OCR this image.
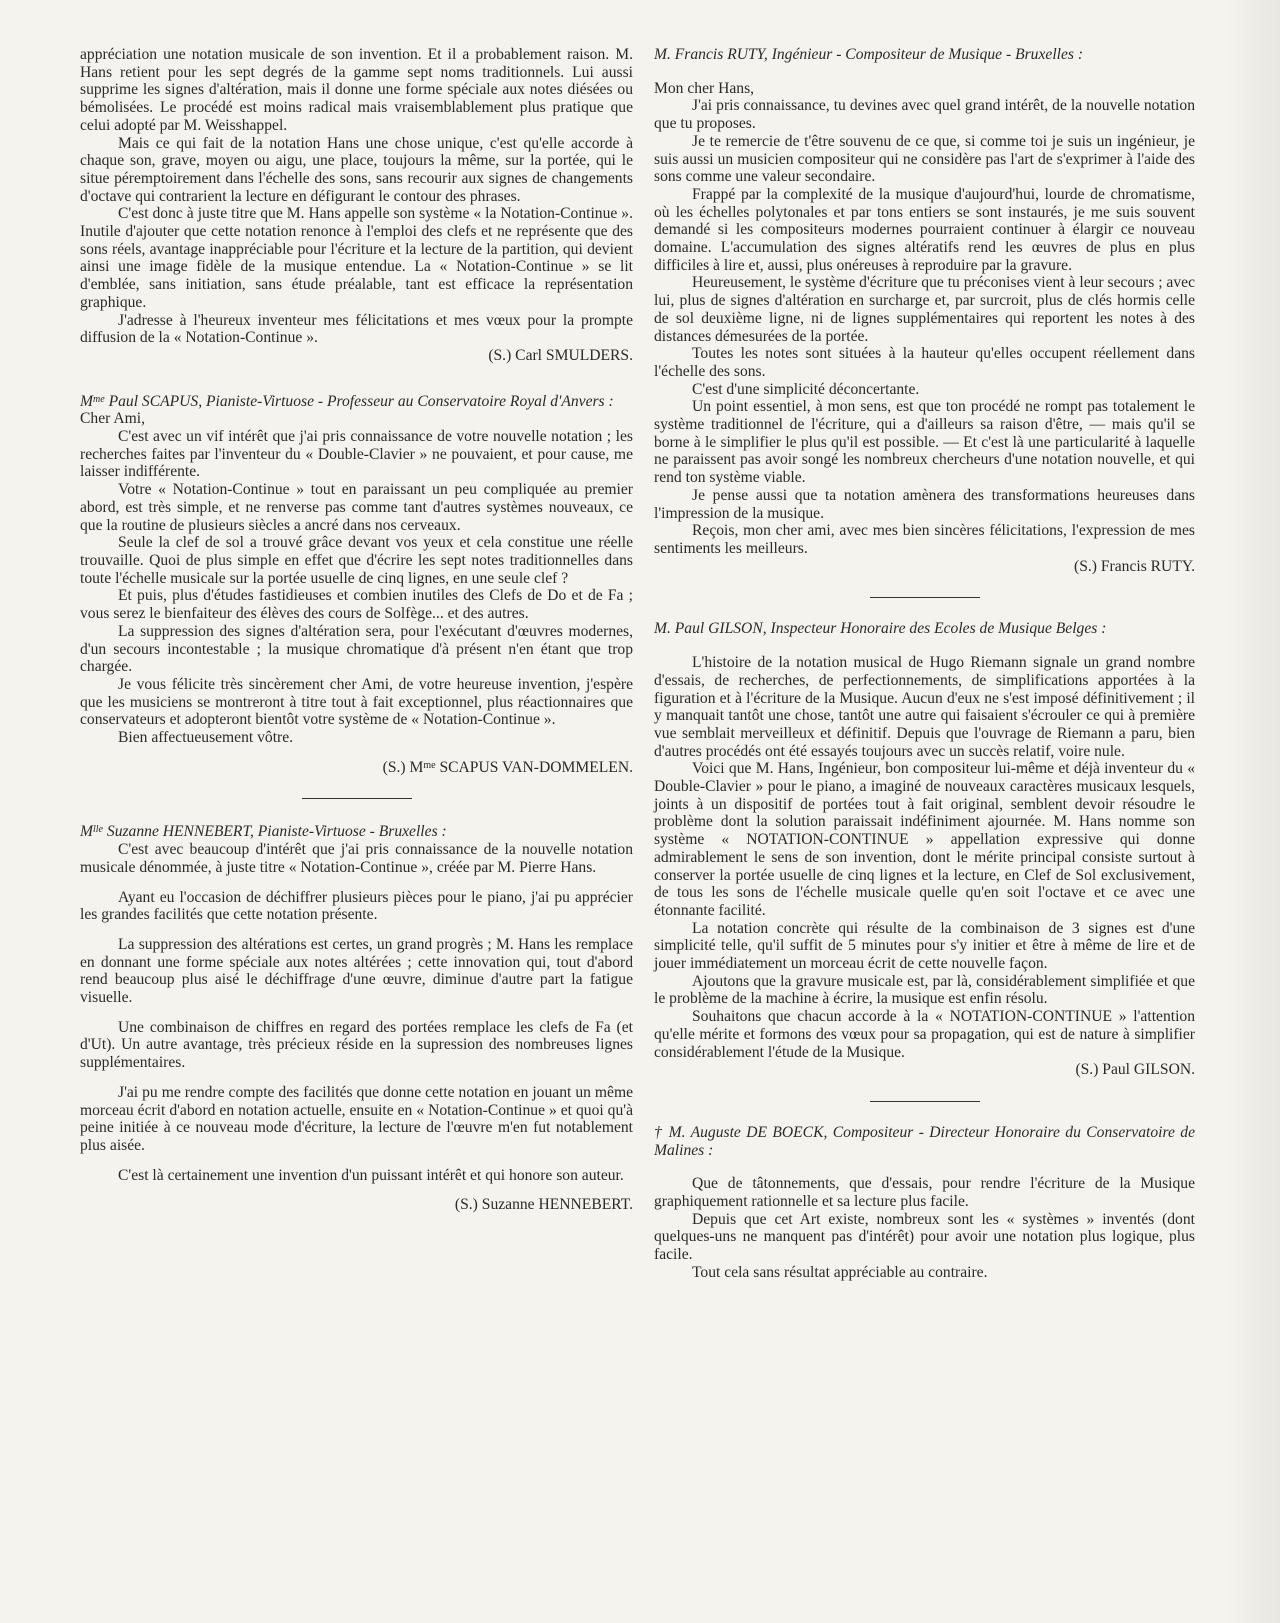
appréciation une notation musicale de son invention. Et il a probablement raison. M. Hans retient pour les sept degrés de la gamme sept noms traditionnels. Lui aussi supprime les signes d'altération, mais il donne une forme spéciale aux notes diésées ou bémolisées. Le procédé est moins radical mais vraisemblablement plus pratique que celui adopté par M. Weisshappel.

Mais ce qui fait de la notation Hans une chose unique, c'est qu'elle accorde à chaque son, grave, moyen ou aigu, une place, toujours la même, sur la portée, qui le situe péremptoirement dans l'échelle des sons, sans recourir aux signes de changements d'octave qui contrarient la lecture en défigurant le contour des phrases.

C'est donc à juste titre que M. Hans appelle son système « la Notation-Continue ». Inutile d'ajouter que cette notation renonce à l'emploi des clefs et ne représente que des sons réels, avantage inappréciable pour l'écriture et la lecture de la partition, qui devient ainsi une image fidèle de la musique entendue. La « Notation-Continue » se lit d'emblée, sans initiation, sans étude préalable, tant est efficace la représentation graphique.

J'adresse à l'heureux inventeur mes félicitations et mes vœux pour la prompte diffusion de la « Notation-Continue ».

(S.) Carl SMULDERS.

$M^{me}$ Paul SCAPUS, Pianiste-Virtuose - Professeur au Conservatoire Royal d'Anvers :

Cher Ami,

C'est avec un vif intérêt que j'ai pris connaissance de votre nouvelle notation ; les recherches faites par l'inventeur du « Double-Clavier » ne pouvaient, et pour cause, me laisser indifférente.

Votre « Notation-Continue » tout en paraissant un peu compliquée au premier abord, est très simple, et ne renverse pas comme tant d'autres systèmes nouveaux, ce que la routine de plusieurs siècles a ancré dans nos cerveaux.

Seule la clef de sol a trouvé grâce devant vos yeux et cela constitue une réelle trouvaille. Quoi de plus simple en effet que d'écrire les sept notes traditionnelles dans toute l'échelle musicale sur la portée usuelle de cinq lignes, en une seule clef ?

Et puis, plus d'études fastidieuses et combien inutiles des Clefs de Do et de Fa ; vous serez le bienfaiteur des élèves des cours de Solfège... et des autres.

La suppression des signes d'altération sera, pour l'exécutant d'œuvres modernes, d'un secours incontestable ; la musique chromatique d'à présent n'en étant que trop chargée.

Je vous félicite très sincèrement cher Ami, de votre heureuse invention, j'espère que les musiciens se montreront à titre tout à fait exceptionnel, plus réactionnaires que conservateurs et adopteront bientôt votre système de « Notation-Continue ».

Bien affectueusement vôtre.

(S.) $M^{me}$ SCAPUS VAN-DOMMELEN.

$M^{lle}$ Suzanne HENNEBERT, Pianiste-Virtuose - Bruxelles :

C'est avec beaucoup d'intérêt que j'ai pris connaissance de la nouvelle notation musicale dénommée, à juste titre « Notation-Continue », créée par M. Pierre Hans.

Ayant eu l'occasion de déchiffrer plusieurs pièces pour le piano, j'ai pu apprécier les grandes facilités que cette notation présente.

La suppression des altérations est certes, un grand progrès ; M. Hans les remplace en donnant une forme spéciale aux notes altérées ; cette innovation qui, tout d'abord rend beaucoup plus aisé le déchiffrage d'une œuvre, diminue d'autre part la fatigue visuelle.

Une combinaison de chiffres en regard des portées remplace les clefs de Fa (et d'Ut). Un autre avantage, très précieux réside en la supression des nombreuses lignes supplémentaires.

J'ai pu me rendre compte des facilités que donne cette notation en jouant un même morceau écrit d'abord en notation actuelle, ensuite en « Notation-Continue » et quoi qu'à peine initiée à ce nouveau mode d'écriture, la lecture de l'œuvre m'en fut notablement plus aisée.

C'est là certainement une invention d'un puissant intérêt et qui honore son auteur.

(S.) Suzanne HENNEBERT.

M. Francis RUTY, Ingénieur - Compositeur de Musique - Bruxelles :

Mon cher Hans,

J'ai pris connaissance, tu devines avec quel grand intérêt, de la nouvelle notation que tu proposes.

Je te remercie de t'être souvenu de ce que, si comme toi je suis un ingénieur, je suis aussi un musicien compositeur qui ne considère pas l'art de s'exprimer à l'aide des sons comme une valeur secondaire.

Frappé par la complexité de la musique d'aujourd'hui, lourde de chromatisme, où les échelles polytonales et par tons entiers se sont instaurés, je me suis souvent demandé si les compositeurs modernes pourraient continuer à élargir ce nouveau domaine. L'accumulation des signes altératifs rend les œuvres de plus en plus difficiles à lire et, aussi, plus onéreuses à reproduire par la gravure.

Heureusement, le système d'écriture que tu préconises vient à leur secours ; avec lui, plus de signes d'altération en surcharge et, par surcroit, plus de clés hormis celle de sol deuxième ligne, ni de lignes supplémentaires qui reportent les notes à des distances démesurées de la portée.

Toutes les notes sont situées à la hauteur qu'elles occupent réellement dans l'échelle des sons.

C'est d'une simplicité déconcertante.

Un point essentiel, à mon sens, est que ton procédé ne rompt pas totalement le système traditionnel de l'écriture, qui a d'ailleurs sa raison d'être, — mais qu'il se borne à le simplifier le plus qu'il est possible. — Et c'est là une particularité à laquelle ne paraissent pas avoir songé les nombreux chercheurs d'une notation nouvelle, et qui rend ton système viable.

Je pense aussi que ta notation amènera des transformations heureuses dans l'impression de la musique.

Reçois, mon cher ami, avec mes bien sincères félicitations, l'expression de mes sentiments les meilleurs.

(S.) Francis RUTY.

M. Paul GILSON, Inspecteur Honoraire des Ecoles de Musique Belges :

L'histoire de la notation musical de Hugo Riemann signale un grand nombre d'essais, de recherches, de perfectionnements, de simplifications apportées à la figuration et à l'écriture de la Musique. Aucun d'eux ne s'est imposé définitivement ; il y manquait tantôt une chose, tantôt une autre qui faisaient s'écrouler ce qui à première vue semblait merveilleux et définitif. Depuis que l'ouvrage de Riemann a paru, bien d'autres procédés ont été essayés toujours avec un succès relatif, voire nule.

Voici que M. Hans, Ingénieur, bon compositeur lui-même et déjà inventeur du « Double-Clavier » pour le piano, a imaginé de nouveaux caractères musicaux lesquels, joints à un dispositif de portées tout à fait original, semblent devoir résoudre le problème dont la solution paraissait indéfiniment ajournée. M. Hans nomme son système « NOTATION-CONTINUE » appellation expressive qui donne admirablement le sens de son invention, dont le mérite principal consiste surtout à conserver la portée usuelle de cinq lignes et la lecture, en Clef de Sol exclusivement, de tous les sons de l'échelle musicale quelle qu'en soit l'octave et ce avec une étonnante facilité.

La notation concrète qui résulte de la combinaison de 3 signes est d'une simplicité telle, qu'il suffit de 5 minutes pour s'y initier et être à même de lire et de jouer immédiatement un morceau écrit de cette nouvelle façon.

Ajoutons que la gravure musicale est, par là, considérablement simplifiée et que le problème de la machine à écrire, la musique est enfin résolu.

Souhaitons que chacun accorde à la « NOTATION-CONTINUE » l'attention qu'elle mérite et formons des vœux pour sa propagation, qui est de nature à simplifier considérablement l'étude de la Musique.

(S.) Paul GILSON.

† M. Auguste DE BOECK, Compositeur - Directeur Honoraire du Conservatoire de Malines :

Que de tâtonnements, que d'essais, pour rendre l'écriture de la Musique graphiquement rationnelle et sa lecture plus facile.

Depuis que cet Art existe, nombreux sont les « systèmes » inventés (dont quelques-uns ne manquent pas d'intérêt) pour avoir une notation plus logique, plus facile.

Tout cela sans résultat appréciable au contraire.
